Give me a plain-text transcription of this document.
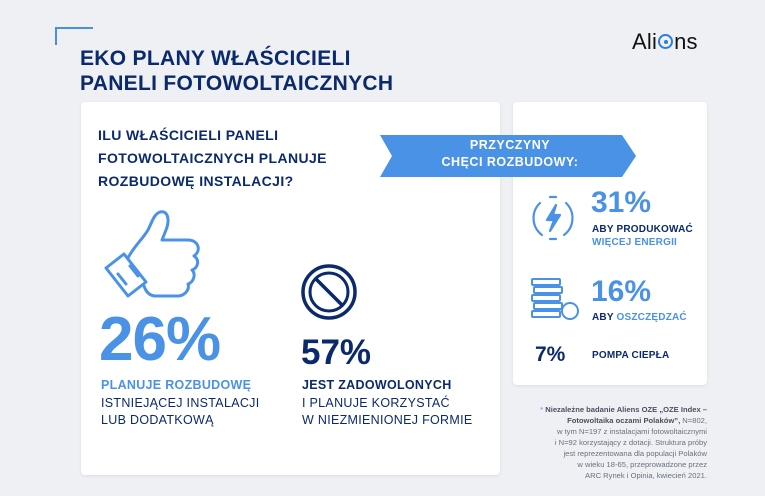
EKO PLANY WŁAŚCICIELI
PANELI FOTOWOLTAICZNYCH
Ali ns
ILU WŁAŚCICIELI PANELI
FOTOWOLTAICZNYCH PLANUJE
ROZBUDOWĘ INSTALACJI?
PRZYCZYNY
CHĘCI ROZBUDOWY:
26%
PLANUJE ROZBUDOWĘ
ISTNIEJĄCEJ INSTALACJI
LUB DODATKOWĄ
57%
JEST ZADOWOLONYCH
I PLANUJE KORZYSTAĆ
W NIEZMIENIONEJ FORMIE
31%
ABY PRODUKOWAĆ
WIĘCEJ ENERGII
16%
ABY OSZCZĘDZAĆ
7%	POMPA CIEPŁA
* Niezależne badanie Aliens OZE „OZE Index –
Fotowoltaika oczami Polaków”, N=802,
w tym N=197 z instalacjami fotowoltaicznymi
i N=92 korzystający z dotacji. Struktura próby
jest reprezentowana dla populacji Polaków
w wieku 18-65, przeprowadzone przez
ARC Rynek i Opinia, kwiecień 2021.
